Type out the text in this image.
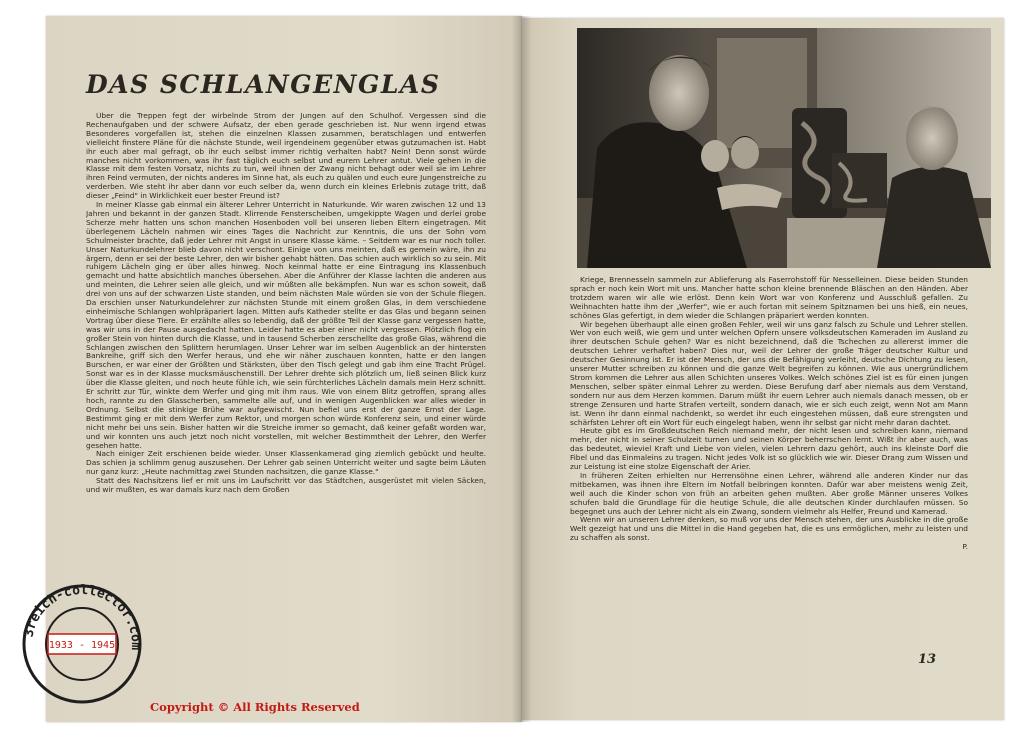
DAS SCHLANGENGLAS

Über die Treppen fegt der wirbelnde Strom der Jungen auf den Schulhof. Vergessen sind die Rechenaufgaben und der schwere Aufsatz, der eben gerade geschrieben ist. Nur wenn irgend etwas Besonderes vorgefallen ist, stehen die einzelnen Klassen zusammen, beratschlagen und entwerfen vielleicht finstere Pläne für die nächste Stunde, weil irgendeinem gegenüber etwas gutzumachen ist. Habt ihr euch aber mal gefragt, ob ihr euch selbst immer richtig verhalten habt? Nein! Denn sonst würde manches nicht vorkommen, was ihr fast täglich euch selbst und eurem Lehrer antut. Viele gehen in die Klasse mit dem festen Vorsatz, nichts zu tun, weil ihnen der Zwang nicht behagt oder weil sie im Lehrer ihren Feind vermuten, der nichts anderes im Sinne hat, als euch zu quälen und euch eure Jungenstreiche zu verderben. Wie steht ihr aber dann vor euch selber da, wenn durch ein kleines Erlebnis zutage tritt, daß dieser „Feind" in Wirklichkeit euer bester Freund ist?

In meiner Klasse gab einmal ein älterer Lehrer Unterricht in Naturkunde. Wir waren zwischen 12 und 13 Jahren und bekannt in der ganzen Stadt. Klirrende Fensterscheiben, umgekippte Wagen und derlei grobe Scherze mehr hatten uns schon manchen Hosenboden voll bei unseren lieben Eltern eingetragen. Mit überlegenem Lächeln nahmen wir eines Tages die Nachricht zur Kenntnis, die uns der Sohn vom Schulmeister brachte, daß jeder Lehrer mit Angst in unsere Klasse käme. – Seitdem war es nur noch toller. Unser Naturkundelehrer blieb davon nicht verschont. Einige von uns meinten, daß es gemein wäre, ihn zu ärgern, denn er sei der beste Lehrer, den wir bisher gehabt hätten. Das schien auch wirklich so zu sein. Mit ruhigem Lächeln ging er über alles hinweg. Noch keinmal hatte er eine Eintragung ins Klassenbuch gemacht und hatte absichtlich manches übersehen. Aber die Anführer der Klasse lachten die anderen aus und meinten, die Lehrer seien alle gleich, und wir müßten alle bekämpfen. Nun war es schon soweit, daß drei von uns auf der schwarzen Liste standen, und beim nächsten Male würden sie von der Schule fliegen. Da erschien unser Naturkundelehrer zur nächsten Stunde mit einem großen Glas, in dem verschiedene einheimische Schlangen wohlpräpariert lagen. Mitten aufs Katheder stellte er das Glas und begann seinen Vortrag über diese Tiere. Er erzählte alles so lebendig, daß der größte Teil der Klasse ganz vergessen hatte, was wir uns in der Pause ausgedacht hatten. Leider hatte es aber einer nicht vergessen. Plötzlich flog ein großer Stein von hinten durch die Klasse, und in tausend Scherben zerschellte das große Glas, während die Schlangen zwischen den Splittern herumlagen. Unser Lehrer war im selben Augenblick an der hintersten Bankreihe, griff sich den Werfer heraus, und ehe wir näher zuschauen konnten, hatte er den langen Burschen, er war einer der Größten und Stärksten, über den Tisch gelegt und gab ihm eine Tracht Prügel. Sonst war es in der Klasse mucksmäuschenstill. Der Lehrer drehte sich plötzlich um, ließ seinen Blick kurz über die Klasse gleiten, und noch heute fühle ich, wie sein fürchterliches Lächeln damals mein Herz schnitt. Er schritt zur Tür, winkte dem Werfer und ging mit ihm raus. Wie von einem Blitz getroffen, sprang alles hoch, rannte zu den Glasscherben, sammelte alle auf, und in wenigen Augenblicken war alles wieder in Ordnung. Selbst die stinkige Brühe war aufgewischt. Nun befiel uns erst der ganze Ernst der Lage. Bestimmt ging er mit dem Werfer zum Rektor, und morgen schon würde Konferenz sein, und einer würde nicht mehr bei uns sein. Bisher hatten wir die Streiche immer so gemacht, daß keiner gefaßt worden war, und wir konnten uns auch jetzt noch nicht vorstellen, mit welcher Bestimmtheit der Lehrer, den Werfer gesehen hatte.

Nach einiger Zeit erschienen beide wieder. Unser Klassenkamerad ging ziemlich gebückt und heulte. Das schien ja schlimm genug auszusehen. Der Lehrer gab seinen Unterricht weiter und sagte beim Läuten nur ganz kurz: „Heute nachmittag zwei Stunden nachsitzen, die ganze Klasse."

Statt des Nachsitzens lief er mit uns im Laufschritt vor das Städtchen, ausgerüstet mit vielen Säcken, und wir mußten, es war damals kurz nach dem Großen

Kriege, Brennesseln sammeln zur Ablieferung als Faserrohstoff für Nesselleinen. Diese beiden Stunden sprach er noch kein Wort mit uns. Mancher hatte schon kleine brennende Bläschen an den Händen. Aber trotzdem waren wir alle wie erlöst. Denn kein Wort war von Konferenz und Ausschluß gefallen. Zu Weihnachten hatte ihm der „Werfer", wie er auch fortan mit seinem Spitznamen bei uns hieß, ein neues, schönes Glas gefertigt, in dem wieder die Schlangen präpariert werden konnten.

Wir begehen überhaupt alle einen großen Fehler, weil wir uns ganz falsch zu Schule und Lehrer stellen. Wer von euch weiß, wie gern und unter welchen Opfern unsere volksdeutschen Kameraden im Ausland zu ihrer deutschen Schule gehen? War es nicht bezeichnend, daß die Tschechen zu allererst immer die deutschen Lehrer verhaftet haben? Dies nur, weil der Lehrer der große Träger deutscher Kultur und deutscher Gesinnung ist. Er ist der Mensch, der uns die Befähigung verleiht, deutsche Dichtung zu lesen, unserer Mutter schreiben zu können und die ganze Welt begreifen zu können. Wie aus unergründlichem Strom kommen die Lehrer aus allen Schichten unseres Volkes. Welch schönes Ziel ist es für einen jungen Menschen, selber später einmal Lehrer zu werden. Diese Berufung darf aber niemals aus dem Verstand, sondern nur aus dem Herzen kommen. Darum müßt ihr euern Lehrer auch niemals danach messen, ob er strenge Zensuren und harte Strafen verteilt, sondern danach, wie er sich euch zeigt, wenn Not am Mann ist. Wenn ihr dann einmal nachdenkt, so werdet ihr euch eingestehen müssen, daß eure strengsten und schärfsten Lehrer oft ein Wort für euch eingelegt haben, wenn ihr selbst gar nicht mehr daran dachtet.

Heute gibt es im Großdeutschen Reich niemand mehr, der nicht lesen und schreiben kann, niemand mehr, der nicht in seiner Schulzeit turnen und seinen Körper beherrschen lernt. Wißt ihr aber auch, was das bedeutet, wieviel Kraft und Liebe von vielen, vielen Lehrern dazu gehört, auch ins kleinste Dorf die Fibel und das Einmaleins zu tragen. Nicht jedes Volk ist so glücklich wie wir. Dieser Drang zum Wissen und zur Leistung ist eine stolze Eigenschaft der Arier.

In früheren Zeiten erhielten nur Herrensöhne einen Lehrer, während alle anderen Kinder nur das mitbekamen, was ihnen ihre Eltern im Notfall beibringen konnten. Dafür war aber meistens wenig Zeit, weil auch die Kinder schon von früh an arbeiten gehen mußten. Aber große Männer unseres Volkes schufen bald die Grundlage für die heutige Schule, die alle deutschen Kinder durchlaufen müssen. So begegnet uns auch der Lehrer nicht als ein Zwang, sondern vielmehr als Helfer, Freund und Kamerad.

Wenn wir an unseren Lehrer denken, so muß vor uns der Mensch stehen, der uns Ausblicke in die große Welt gezeigt hat und uns die Mittel in die Hand gegeben hat, die es uns ermöglichen, mehr zu leisten und zu schaffen als sonst.

P.

13
3reich-collector.com
1933 - 1945
Copyright © All Rights Reserved
